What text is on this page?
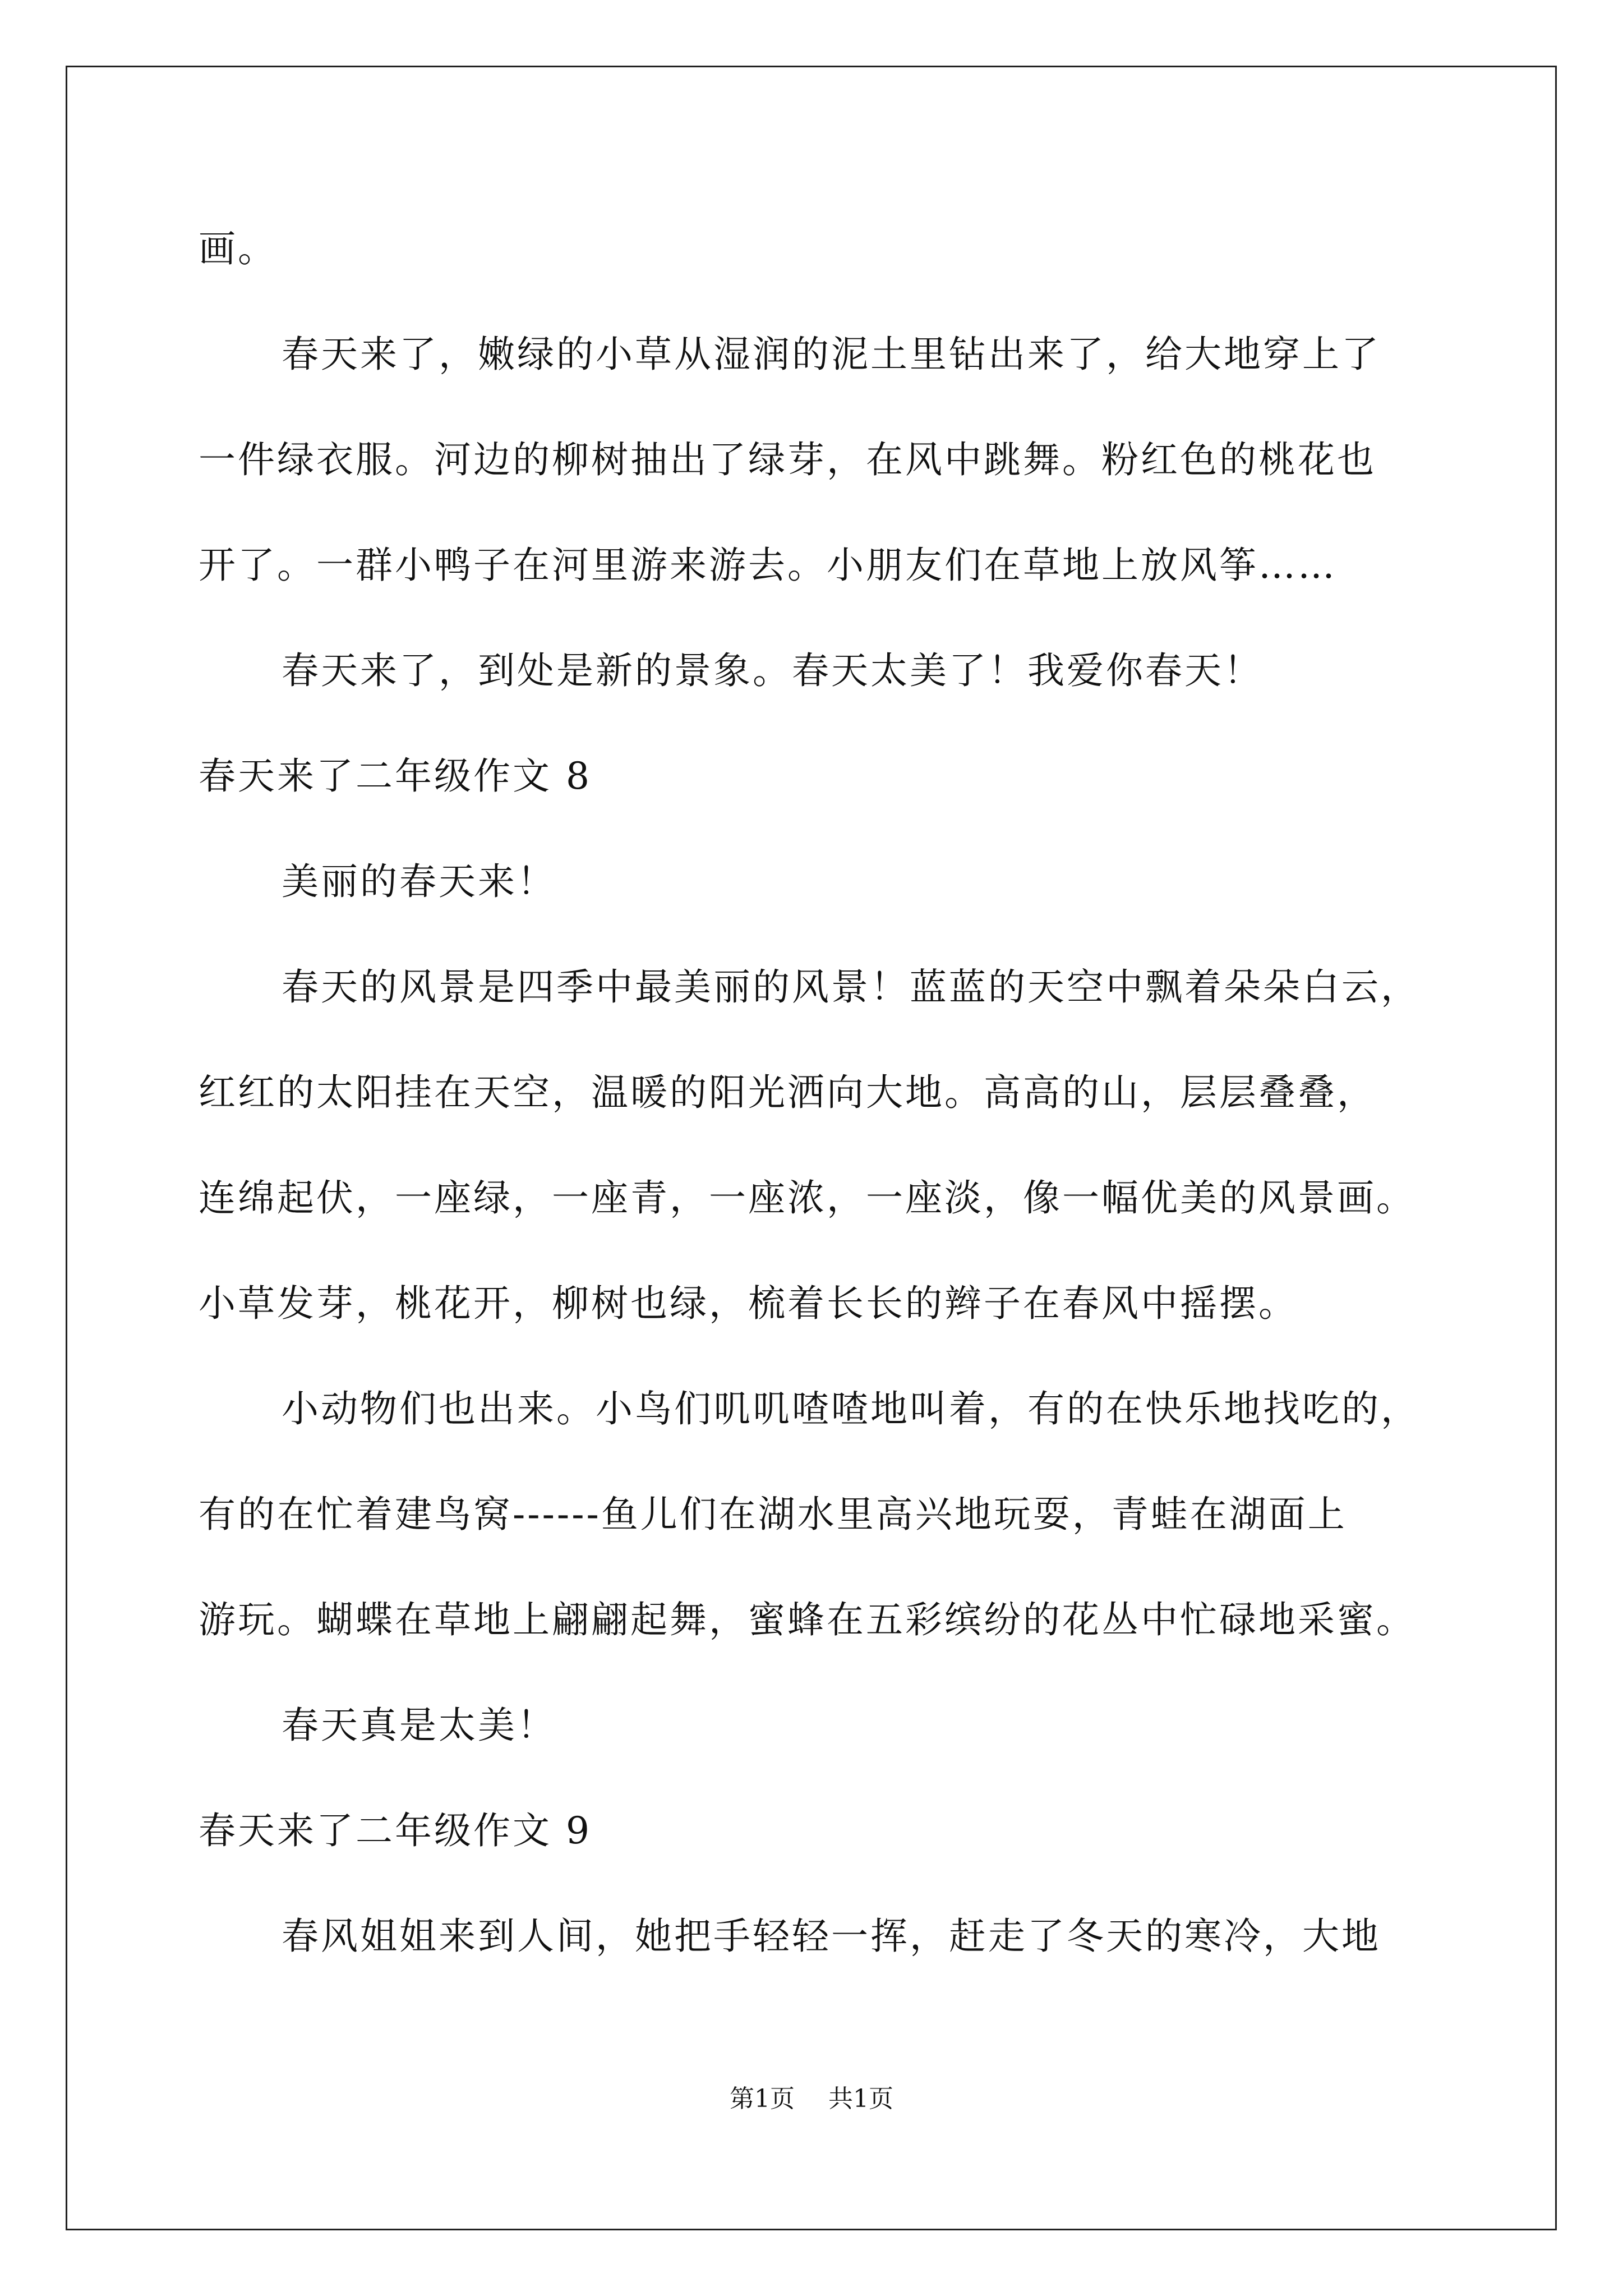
画。
春天来了，嫩绿的小草从湿润的泥土里钻出来了，给大地穿上了
一件绿衣服。河边的柳树抽出了绿芽，在风中跳舞。粉红色的桃花也
开了。一群小鸭子在河里游来游去。小朋友们在草地上放风筝……
春天来了，到处是新的景象。春天太美了！我爱你春天！
春天来了二年级作文 8
美丽的春天来！
春天的风景是四季中最美丽的风景！蓝蓝的天空中飘着朵朵白云，
红红的太阳挂在天空，温暖的阳光洒向大地。高高的山，层层叠叠，
连绵起伏，一座绿，一座青，一座浓，一座淡，像一幅优美的风景画。
小草发芽，桃花开，柳树也绿，梳着长长的辫子在春风中摇摆。
小动物们也出来。小鸟们叽叽喳喳地叫着，有的在快乐地找吃的，
有的在忙着建鸟窝------鱼儿们在湖水里高兴地玩耍，青蛙在湖面上
游玩。蝴蝶在草地上翩翩起舞，蜜蜂在五彩缤纷的花丛中忙碌地采蜜。
春天真是太美！
春天来了二年级作文 9
春风姐姐来到人间，她把手轻轻一挥，赶走了冬天的寒冷，大地
第1页 共1页
